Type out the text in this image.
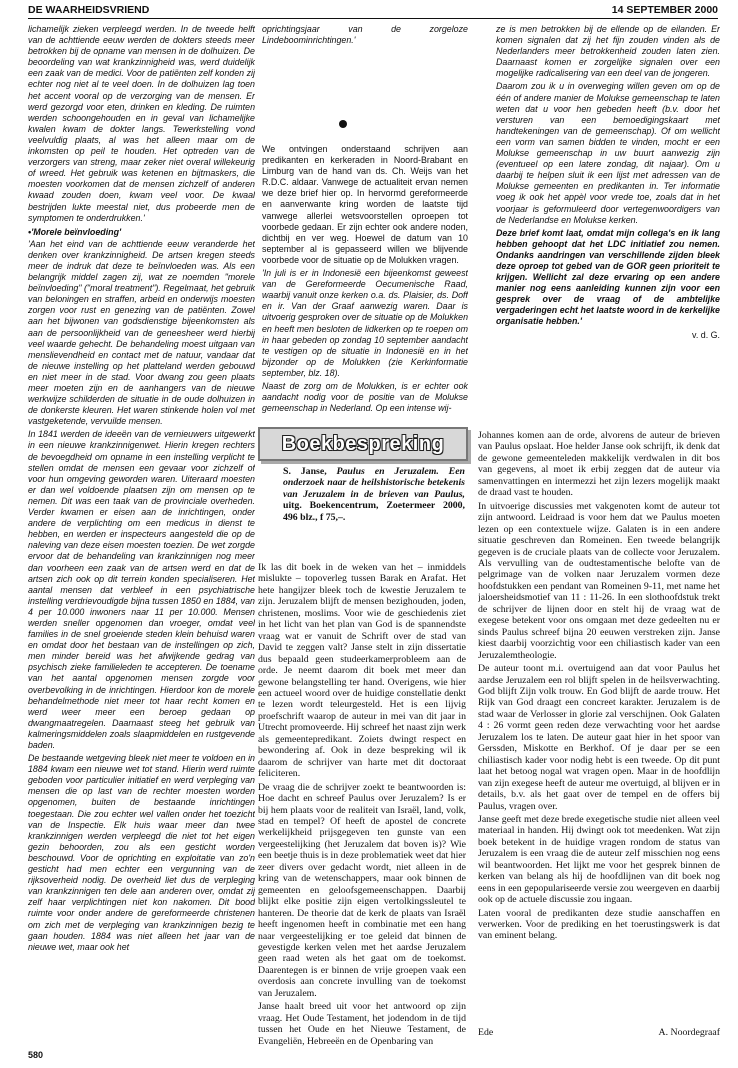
DE WAARHEIDSVRIEND	14 SEPTEMBER 2000

lichamelijk zieken verpleegd werden. In de tweede helft van de achttiende eeuw werden de dokters steeds meer betrokken bij de opname van mensen in de dolhuizen. De beoordeling van wat krankzinnigheid was, werd duidelijk een zaak van de medici. Voor de patiënten zelf konden zij echter nog niet al te veel doen. In de dolhuizen lag toen het accent vooral op de verzorging van de mensen. Er werd gezorgd voor eten, drinken en kleding. De ruimten werden schoongehouden en in geval van lichamelijke kwalen kwam de dokter langs. Tewerkstelling vond veelvuldig plaats, al was het alleen maar om de inkomsten op peil te houden. Het optreden van de verzorgers van streng, maar zeker niet overal willekeurig of wreed. Het gebruik was ketenen en bijtmaskers, die moesten voorkomen dat de mensen zichzelf of anderen kwaad zouden doen, kwam veel voor. De kwaal bestrijden lukte meestal niet, dus probeerde men de symptomen te onderdrukken.'

• 'Morele beïnvloeding'

'Aan het eind van de achttiende eeuw veranderde het denken over krankzinnigheid. De artsen kregen steeds meer de indruk dat deze te beïnvloeden was. Als een belangrijk middel zagen zij, wat ze noemden "morele beïnvloeding" ("moral treatment"). Regelmaat, het gebruik van beloningen en straffen, arbeid en onderwijs moesten zorgen voor rust en genezing van de patiënten. Zowel aan het bijwonen van godsdienstige bijeenkomsten als aan de persoonlijkheid van de geneesheer werd hierbij veel waarde gehecht. De behandeling moest uitgaan van menslievendheid en contact met de natuur, vandaar dat de nieuwe instelling op het platteland werden gebouwd en niet meer in de stad. Voor dwang zou geen plaats meer moeten zijn en de aanhangers van de nieuwe werkwijze schilderden de situatie in de oude dolhuizen in de donkerste kleuren. Het waren stinkende holen vol met vastgeketende, vervuilde mensen.

In 1841 werden de ideeën van de vernieuwers uitgewerkt in een nieuwe krankzinnigenwet. Hierin kregen rechters de bevoegdheid om opname in een instelling verplicht te stellen omdat de mensen een gevaar voor zichzelf of voor hun omgeving geworden waren. Uiteraard moesten er dan wel voldoende plaatsen zijn om mensen op te nemen. Dit was een taak van de provinciale overheden. Verder kwamen er eisen aan de inrichtingen, onder andere de verplichting om een medicus in dienst te hebben, en werden er inspecteurs aangesteld die op de naleving van deze eisen moesten toezien. De wet zorgde ervoor dat de behandeling van krankzinnigen nog meer dan voorheen een zaak van de artsen werd en dat de artsen zich ook op dit terrein konden specialiseren. Het aantal mensen dat verbleef in een psychiatrische instelling verdrievoudigde bijna tussen 1850 en 1884, van 4 per 10.000 inwoners naar 11 per 10.000. Mensen werden sneller opgenomen dan vroeger, omdat veel families in de snel groeiende steden klein behuisd waren en omdat door het bestaan van de instellingen op zich, men minder bereid was het afwijkende gedrag van psychisch zieke familieleden te accepteren. De toename van het aantal opgenomen mensen zorgde voor overbevolking in de inrichtingen. Hierdoor kon de morele behandelmethode niet meer tot haar recht komen en werd weer meer een beroep gedaan op dwangmaatregelen. Daarnaast steeg het gebruik van kalmeringsmiddelen zoals slaapmiddelen en rustgevende baden.

De bestaande wetgeving bleek niet meer te voldoen en in 1884 kwam een nieuwe wet tot stand. Hierin werd ruimte geboden voor particulier initiatief en werd verpleging van mensen die op last van de rechter moesten worden opgenomen, buiten de bestaande inrichtingen toegestaan. Die zou echter wel vallen onder het toezicht van de Inspectie. Elk huis waar meer dan twee krankzinnigen werden verpleegd die niet tot het eigen gezin behoorden, zou als een gesticht worden beschouwd. Voor de oprichting en exploitatie van zo'n gesticht had men echter een vergunning van de rijksoverheid nodig. De overheid liet dus de verpleging van krankzinnigen ten dele aan anderen over, omdat zij zelf haar verplichtingen niet kon nakomen. Dit bood ruimte voor onder andere de gereformeerde christenen om zich met de verpleging van krankzinnigen bezig te gaan houden. 1884 was niet alleen het jaar van de nieuwe wet, maar ook het

oprichtingsjaar van de zorgeloze Lindeboominrichtingen.'

We ontvingen onderstaand schrijven aan predikanten en kerkeraden in Noord-Brabant en Limburg van de hand van ds. Ch. Weijs van het R.D.C. aldaar. Vanwege de actualiteit ervan nemen we deze brief hier op. In hervormd gereformeerde en aanverwante kring worden de laatste tijd vanwege allerlei wetsvoorstellen oproepen tot voorbede gedaan. Er zijn echter ook andere noden, dichtbij en ver weg. Hoewel de datum van 10 september al is gepasseerd willen we blijvende voorbede voor de situatie op de Molukken vragen.

'In juli is er in Indonesië een bijeenkomst geweest van de Gereformeerde Oecumenische Raad, waarbij vanuit onze kerken o.a. ds. Plaisier, ds. Doff en ir. Van der Graaf aanwezig waren. Daar is uitvoerig gesproken over de situatie op de Molukken en heeft men besloten de lidkerken op te roepen om in haar gebeden op zondag 10 september aandacht te vestigen op de situatie in Indonesië en in het bijzonder op de Molukken (zie Kerkinformatie september, blz. 18).

Naast de zorg om de Molukken, is er echter ook aandacht nodig voor de positie van de Molukse gemeenschap in Nederland. Op een intense wij-

ze is men betrokken bij de ellende op de eilanden. Er komen signalen dat zij het fijn zouden vinden als de Nederlanders meer betrokkenheid zouden laten zien. Daarnaast komen er zorgelijke signalen over een mogelijke radicalisering van een deel van de jongeren.

Daarom zou ik u in overweging willen geven om op de één of andere manier de Molukse gemeenschap te laten weten dat u voor hen gebeden heeft (b.v. door het versturen van een bemoedigingskaart met handtekeningen van de gemeenschap). Of om wellicht een vorm van samen bidden te vinden, mocht er een Molukse gemeenschap in uw buurt aanwezig zijn (eventueel op een latere zondag, dit najaar). Om u daarbij te helpen sluit ik een lijst met adressen van de Molukse gemeenten en predikanten in. Ter informatie voeg ik ook het appèl voor vrede toe, zoals dat in het voorjaar is geformuleerd door vertegenwoordigers van de Nederlandse en Molukse kerken.

Deze brief komt laat, omdat mijn collega's en ik lang hebben gehoopt dat het LDC initiatief zou nemen. Ondanks aandringen van verschillende zijden bleek deze oproep tot gebed van de GOR geen prioriteit te krijgen. Wellicht zal deze ervaring op een andere manier nog eens aanleiding kunnen zijn voor een gesprek over de vraag of de ambtelijke vergaderingen echt het laatste woord in de kerkelijke organisatie hebben.'

v. d. G.
Boekbespreking
S. Janse, Paulus en Jeruzalem. Een onderzoek naar de heilshistorische betekenis van Jeruzalem in de brieven van Paulus, uitg. Boekencentrum, Zoetermeer 2000, 496 blz., f 75,–.

Ik las dit boek in de weken van het – inmiddels mislukte – topoverleg tussen Barak en Arafat. Het hete hangijzer bleek toch de kwestie Jeruzalem te zijn. Jeruzalem blijft de mensen bezighouden, joden, christenen, moslims. Voor wie de geschiedenis ziet in het licht van het plan van God is de spannendste vraag wat er vanuit de Schrift over de stad van David te zeggen valt? Janse stelt in zijn dissertatie dus bepaald geen studeerkamerprobleem aan de orde. Je neemt daarom dit boek met meer dan gewone belangstelling ter hand. Overigens, wie hier een actueel woord over de huidige constellatie denkt te lezen wordt teleurgesteld. Het is een lijvig proefschrift waarop de auteur in mei van dit jaar in Utrecht promoveerde. Hij schreef het naast zijn werk als gemeentepredikant. Zoiets dwingt respect en bewondering af. Ook in deze bespreking wil ik daarom de schrijver van harte met dit doctoraat feliciteren.

De vraag die de schrijver zoekt te beantwoorden is: Hoe dacht en schreef Paulus over Jeruzalem? Is er bij hem plaats voor de realiteit van Israël, land, volk, stad en tempel? Of heeft de apostel de concrete werkelijkheid prijsgegeven ten gunste van een vergeestelijking (het Jeruzalem dat boven is)? Wie een beetje thuis is in deze problematiek weet dat hier zeer divers over gedacht wordt, niet alleen in de kring van de wetenschappers, maar ook binnen de gemeenten en geloofsgemeenschappen. Daarbij blijkt elke positie zijn eigen vertolkingssleutel te hanteren. De theorie dat de kerk de plaats van Israël heeft ingenomen heeft in combinatie met een hang naar vergeestelijking er toe geleid dat binnen de gevestigde kerken velen met het aardse Jeruzalem geen raad weten als het gaat om de toekomst. Daarentegen is er binnen de vrije groepen vaak een overdosis aan concrete invulling van de toekomst van Jeruzalem.

Janse haalt breed uit voor het antwoord op zijn vraag. Het Oude Testament, het jodendom in de tijd tussen het Oude en het Nieuwe Testament, de Evangeliën, Hebreeën en de Openbaring van

Johannes komen aan de orde, alvorens de auteur de brieven van Paulus opslaat. Hoe helder Janse ook schrijft, ik denk dat de gewone gemeenteleden makkelijk verdwalen in dit bos van gegevens, al moet ik erbij zeggen dat de auteur via samenvattingen en intermezzi het zijn lezers mogelijk maakt de draad vast te houden.

In uitvoerige discussies met vakgenoten komt de auteur tot zijn antwoord. Leidraad is voor hem dat we Paulus moeten lezen op een contextuele wijze. Galaten is in een andere situatie geschreven dan Romeinen. Een tweede belangrijk gegeven is de cruciale plaats van de collecte voor Jeruzalem. Als vervulling van de oudtestamentische belofte van de pelgrimage van de volken naar Jeruzalem vormen deze hoofdstukken een pendant van Romeinen 9-11, met name het jaloersheidsmotief van 11 : 11-26. In een slothoofdstuk trekt de schrijver de lijnen door en stelt hij de vraag wat de exegese betekent voor ons omgaan met deze gedeelten nu er sinds Paulus schreef bijna 20 eeuwen verstreken zijn. Janse kiest daarbij voorzichtig voor een chiliastisch kader van een Jeruzalemtheologie.

De auteur toont m.i. overtuigend aan dat voor Paulus het aardse Jeruzalem een rol blijft spelen in de heilsverwachting. God blijft Zijn volk trouw. En God blijft de aarde trouw. Het Rijk van God draagt een concreet karakter. Jeruzalem is de stad waar de Verlosser in glorie zal verschijnen. Ook Galaten 4 : 26 vormt geen reden deze verwachting voor het aardse Jeruzalem los te laten. De auteur gaat hier in het spoor van Gerssden, Miskotte en Berkhof. Of je daar per se een chiliastisch kader voor nodig hebt is een tweede. Op dit punt laat het betoog nogal wat vragen open. Maar in de hoofdlijn van zijn exegese heeft de auteur me overtuigd, al blijven er in details, b.v. als het gaat over de tempel en de offers bij Paulus, vragen over.

Janse geeft met deze brede exegetische studie niet alleen veel materiaal in handen. Hij dwingt ook tot meedenken. Wat zijn boek betekent in de huidige vragen rondom de status van Jeruzalem is een vraag die de auteur zelf misschien nog eens wil beantwoorden. Het lijkt me voor het gesprek binnen de kerken van belang als hij de hoofdlijnen van dit boek nog eens in een gepopulariseerde versie zou weergeven en daarbij ook op de actuele discussie zou ingaan.

Laten vooral de predikanten deze studie aanschaffen en verwerken. Voor de prediking en het toerustingswerk is dat van eminent belang.

Ede	A. Noordegraaf
580
